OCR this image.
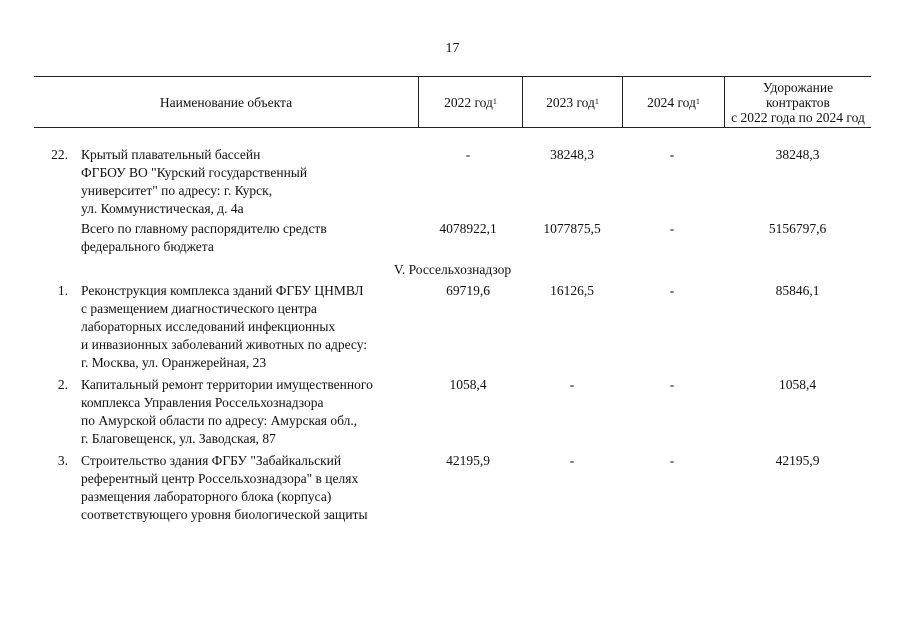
17
Наименование объекта	2022 год 1	2023 год 1	2024 год 1
Удорожание
контрактов
с 2022 года по 2024 год
22. Крытый плавательный бассейн
ФГБОУ ВО "Курский государственный
университет" по адресу: г. Курск,
ул. Коммунистическая, д. 4а
-	38248,3	-	38248,3
Всего по главному распорядителю средств
федерального бюджета
4078922,1	1077875,5	-	5156797,6
V. Россельхознадзор
1. Реконструкция комплекса зданий ФГБУ ЦНМВЛ
с размещением диагностического центра
лабораторных исследований инфекционных
и инвазионных заболеваний животных по адресу:
г. Москва, ул. Оранжерейная, 23
69719,6	16126,5	-	85846,1
2. Капитальный ремонт территории имущественного
комплекса Управления Россельхознадзора
по Амурской области по адресу: Амурская обл.,
г. Благовещенск, ул. Заводская, 87
1058,4	-	-	1058,4
3. Строительство здания ФГБУ "Забайкальский
референтный центр Россельхознадзора" в целях
размещения лабораторного блока (корпуса)
соответствующего уровня биологической защиты
42195,9	-	-	42195,9
